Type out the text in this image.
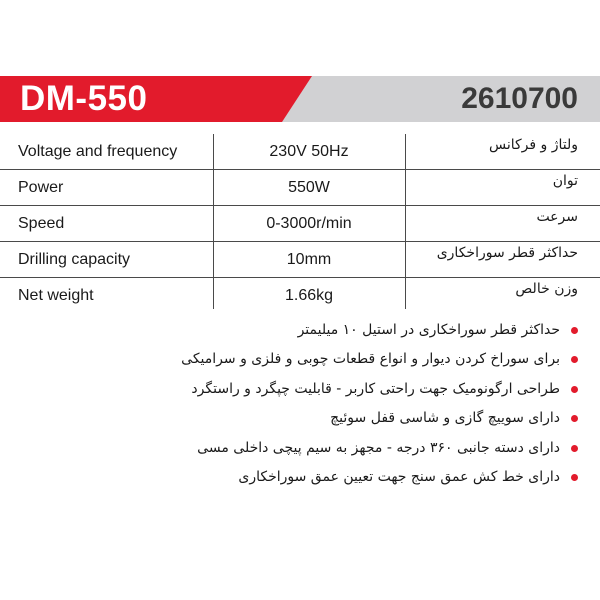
DM-550	2610700
Voltage and frequency	230V 50Hz	ولتاژ و فرکانس
Power	550W	توان
Speed	0-3000r/min	سرعت
Drilling capacity	10mm	حداکثر قطر سوراخکاری
Net weight	1.66kg	وزن خالص
حداکثر قطر سوراخکاری در استیل ۱۰ میلیمتر
برای سوراخ کردن دیوار و انواع قطعات چوبی و فلزی و سرامیکی
طراحی ارگونومیک جهت راحتی کاربر - قابلیت چپگرد و راستگرد
دارای سوییچ گازی و شاسی قفل سوئیچ
دارای دسته جانبی ۳۶۰ درجه - مجهز به سیم پیچی داخلی مسی
دارای خط کش عمق سنج جهت تعیین عمق سوراخکاری
